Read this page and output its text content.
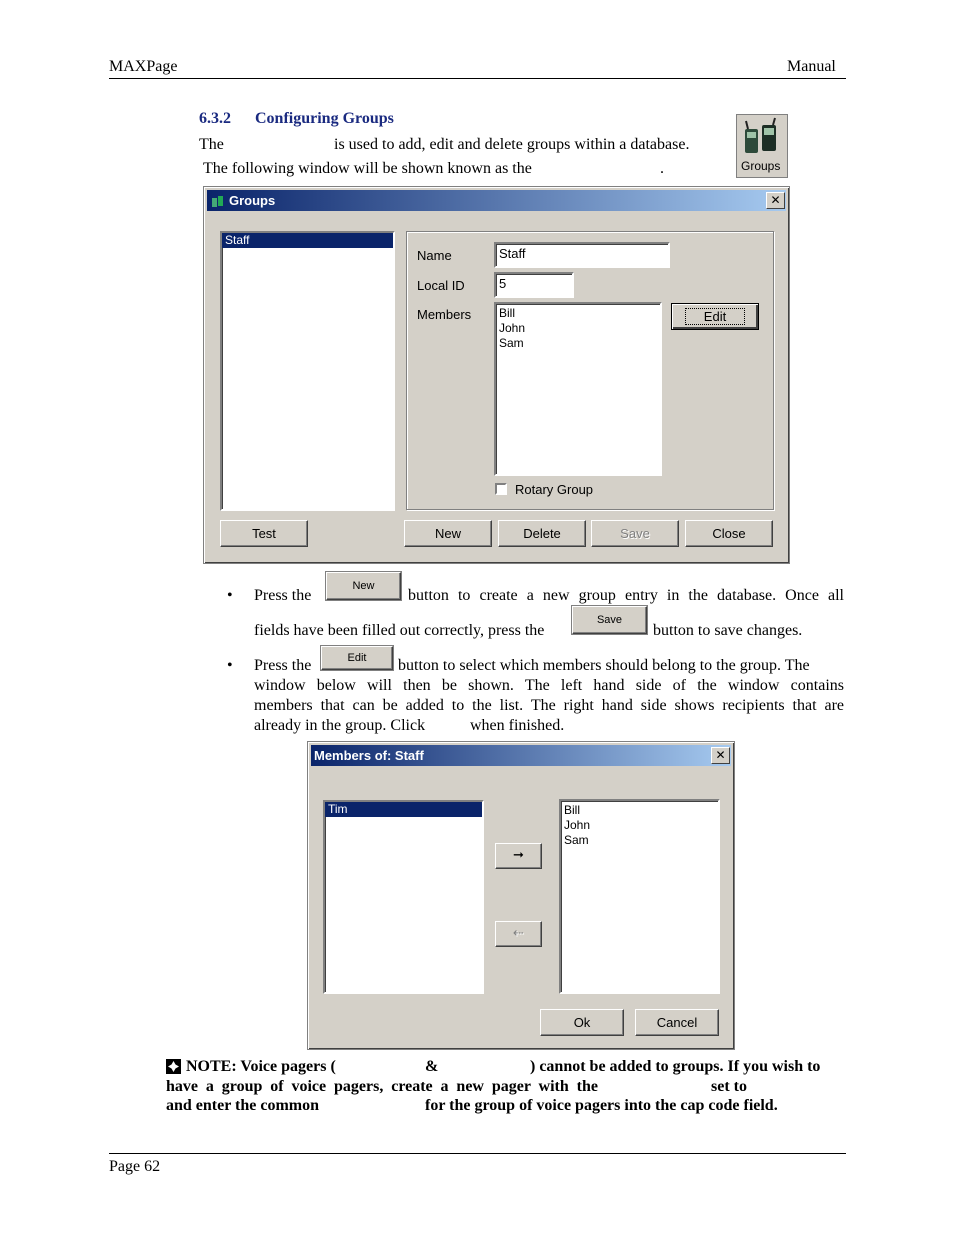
MAXPage	Manual
6.3.2 Configuring Groups
The	is used to add, edit and delete groups within a database.
The following window will be shown known as the	.	Groups
Groups	✕
Staff
Name	Staff
Local ID	5
Members Bill
John
Sam
Edit
Rotary Group
Test	New	Delete	Save	Close
• Press the
New
button to create a new group entry in the database. Once all
fields have been filled out correctly, press the
Save
button to save changes.
• Press the	Edit	button to select which members should belong to the group. The
window below will then be shown. The left hand side of the window contains
members that can be added to the list. The right hand side shows recipients that are
already in the group. Click	when finished.
Members of: Staff	✕
Tim
➞
⇠
Bill
John
Sam
Ok	Cancel
NOTE: Voice pagers (	&	) cannot be added to groups. If you wish to
have a group of voice pagers, create a new pager with the	set to
and enter the common	for the group of voice pagers into the cap code field.
Page 62
